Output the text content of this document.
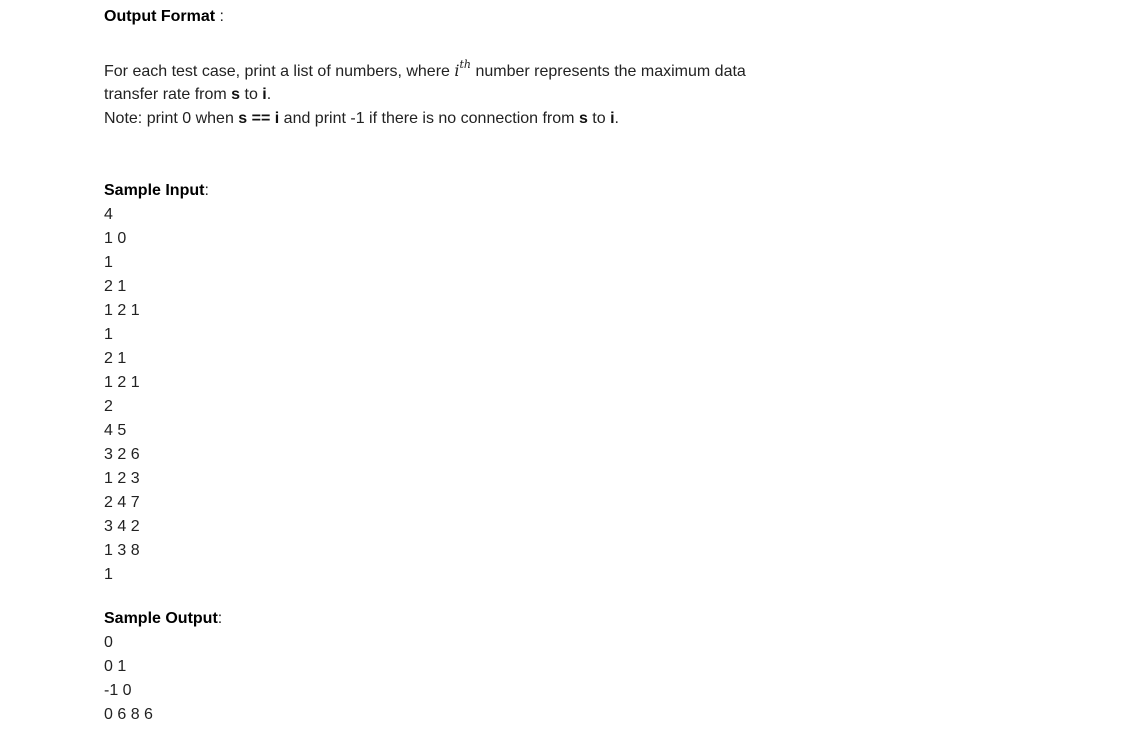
Output Format :
For each test case, print a list of numbers, where $i^{th}$ number represents the maximum data
transfer rate from s to i.
Note: print 0 when s == i and print -1 if there is no connection from s to i.
Sample Input:
4
1 0
1
2 1
1 2 1
1
2 1
1 2 1
2
4 5
3 2 6
1 2 3
2 4 7
3 4 2
1 3 8
1
Sample Output:
0
0 1
-1 0
0 6 8 6
